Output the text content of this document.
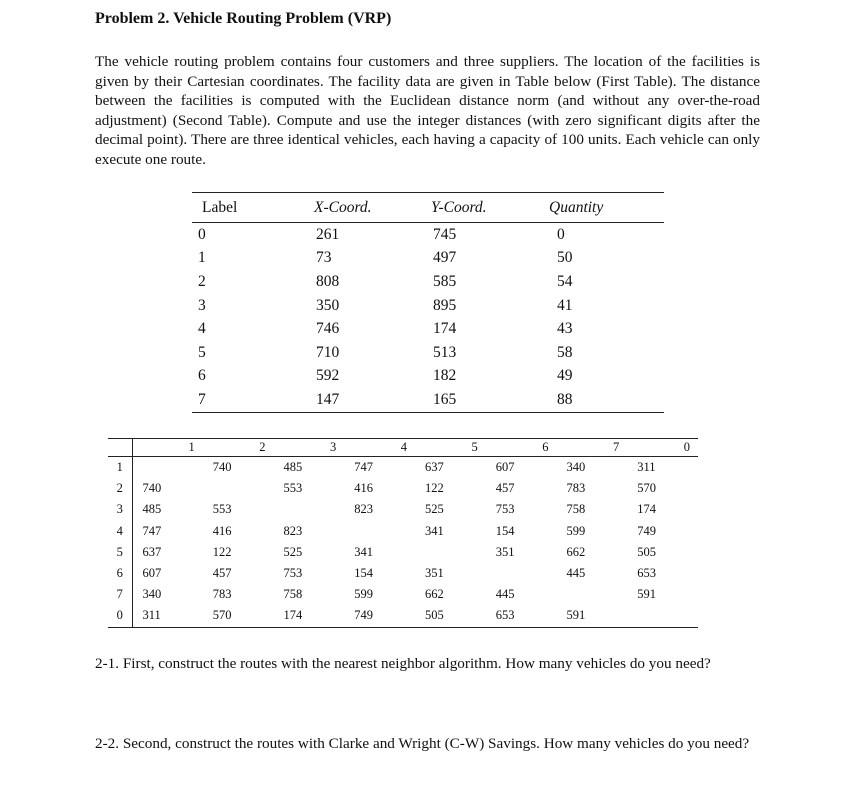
Problem 2. Vehicle Routing Problem (VRP)

The vehicle routing problem contains four customers and three suppliers. The location of the facilities is given by their Cartesian coordinates. The facility data are given in Table below (First Table). The distance between the facilities is computed with the Euclidean distance norm (and without any over-the-road adjustment) (Second Table). Compute and use the integer distances (with zero significant digits after the decimal point). There are three identical vehicles, each having a capacity of 100 units. Each vehicle can only execute one route.

Label	X-Coord.	Y-Coord.	Quantity
0	261	745	0
1	73	497	50
2	808	585	54
3	350	895	41
4	746	174	43
5	710	513	58
6	592	182	49
7	147	165	88
	1	2	3	4	5	6	7	0
1		740	485	747	637	607	340	311
2	740		553	416	122	457	783	570
3	485	553		823	525	753	758	174
4	747	416	823		341	154	599	749
5	637	122	525	341		351	662	505
6	607	457	753	154	351		445	653
7	340	783	758	599	662	445		591
0	311	570	174	749	505	653	591	

2-1. First, construct the routes with the nearest neighbor algorithm. How many vehicles do you need?

2-2. Second, construct the routes with Clarke and Wright (C-W) Savings. How many vehicles do you need?
